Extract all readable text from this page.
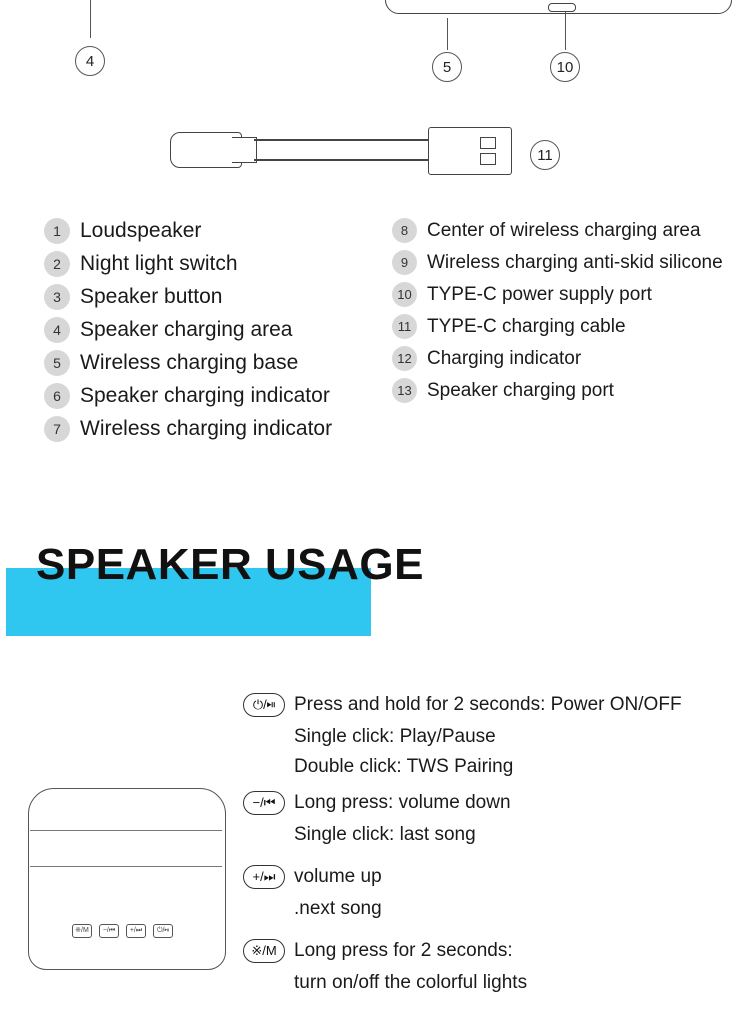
4	5	10
11
1 Loudspeaker
2 Night light switch
3 Speaker button
4 Speaker charging area
5 Wireless charging base
6 Speaker charging indicator
7 Wireless charging indicator
8 Center of wireless charging area
9 Wireless charging anti-skid silicone
10 TYPE-C power supply port
11 TYPE-C charging cable
12 Charging indicator
13 Speaker charging port
SPEAKER USAGE
※/M	−/⏮	+/⏭	⏻/⏯
⏻/⏯ Press and hold for 2 seconds: Power ON/OFF
Single click: Play/Pause
Double click: TWS Pairing
−/⏮ Long press: volume down
Single click: last song
+/⏭ volume up
.next song
※/M Long press for 2 seconds:
turn on/off the colorful lights
